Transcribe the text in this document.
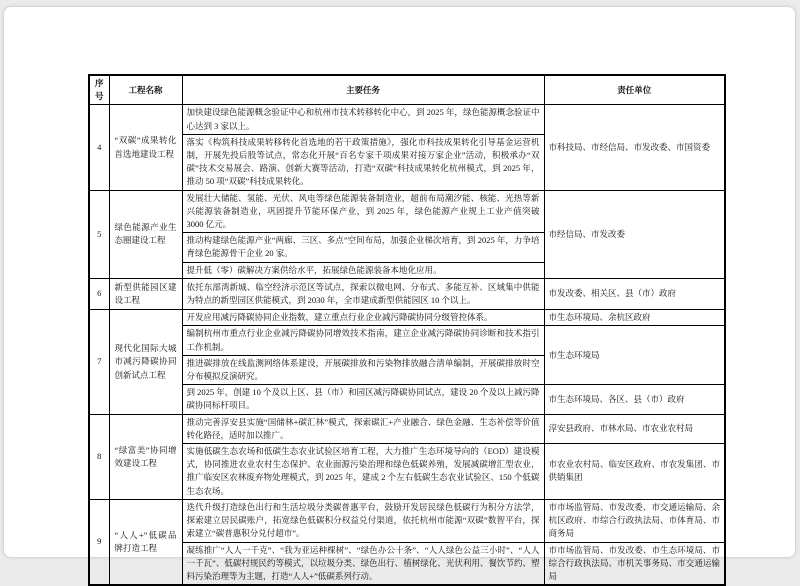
序号	工程名称	主要任务	责任单位
4	“双碳”成果转化首选地建设工程	加快建设绿色能源概念验证中心和杭州市技术转移转化中心，到 2025 年，绿色能源概念验证中心达到 3 家以上。	市科技局、市经信局、市发改委、市国资委
		落实《构筑科技成果转移转化首选地的若干政策措施》，强化市科技成果转化引导基金运营机制，开展先投后股等试点，常态化开展“百名专家千项成果对接万家企业”活动，积极承办“双碳”技术交易展会、路演、创新大赛等活动，打造“双碳”科技成果转化杭州模式，到 2025 年，推动 50 项“双碳”科技成果转化。	
5	绿色能源产业生态圈建设工程	发展壮大储能、氢能、光伏、风电等绿色能源装备制造业，超前布局潮汐能、核能、光热等新兴能源装备制造业，巩固提升节能环保产业，到 2025 年，绿色能源产业规上工业产值突破 3000 亿元。	市经信局、市发改委
		推动构建绿色能源产业“两廊、三区、多点”空间布局，加强企业梯次培育，到 2025 年，力争培育绿色能源骨干企业 20 家。	
		提升低（零）碳解决方案供给水平，拓展绿色能源装备本地化应用。	
6	新型供能园区建设工程	依托东部湾新城、临空经济示范区等试点，探索以微电网、分布式、多能互补、区域集中供能为特点的新型园区供能模式，到 2030 年，全市建成新型供能园区 10 个以上。	市发改委、相关区、县（市）政府
7	现代化国际大城市减污降碳协同创新试点工程	开发应用减污降碳协同企业指数，建立重点行业企业减污降碳协同分级管控体系。	市生态环境局、余杭区政府
		编制杭州市重点行业企业减污降碳协同增效技术指南，建立企业减污降碳协同诊断和技术指引工作机制。	市生态环境局
		推进碳排放在线监测网络体系建设，开展碳排放和污染物排放融合清单编制，开展碳排放时空分布模拟反演研究。	
		到 2025 年，创建 10 个及以上区、县（市）和园区减污降碳协同试点，建设 20 个及以上减污降碳协同标杆项目。	市生态环境局、各区、县（市）政府
8	“绿富美”协同增效建设工程	推动完善淳安县实施“国储林+碳汇林”模式，探索碳汇+产业融合、绿色金融、生态补偿等价值转化路径，适时加以推广。	淳安县政府、市林水局、市农业农村局
		实施低碳生态农场和低碳生态农业试验区培育工程，大力推广生态环境导向的（EOD）建设模式，协同推进农业农村生态保护、农业面源污染治理和绿色低碳养殖，发展减碳增汇型农业，推广临安区农林废弃物处理模式，到 2025 年，建成 2 个左右低碳生态农业试验区、150 个低碳生态农场。	市农业农村局、临安区政府、市农发集团、市供销集团
9	“人人+”低碳品牌打造工程	迭代升级打造绿色出行和生活垃圾分类碳普惠平台，鼓励开发居民绿色低碳行为积分方法学，探索建立居民碳账户，拓宽绿色低碳积分权益兑付渠道，依托杭州市能源“双碳”数智平台，探索建立“碳普惠积分兑付超市”。	市市场监管局、市发改委、市交通运输局、余杭区政府、市综合行政执法局、市体育局、市商务局
		凝练推广“人人一千克”、“我为亚运种棵树”、“绿色办公十条”、“人人绿色公益三小时”、“人人一千瓦”、低碳村规民约等模式，以垃圾分类、绿色出行、植树绿化、光伏利用、餐饮节约、塑料污染治理等为主题，打造“人人+”低碳系列行动。	市市场监管局、市发改委、市生态环境局、市综合行政执法局、市机关事务局、市交通运输局
